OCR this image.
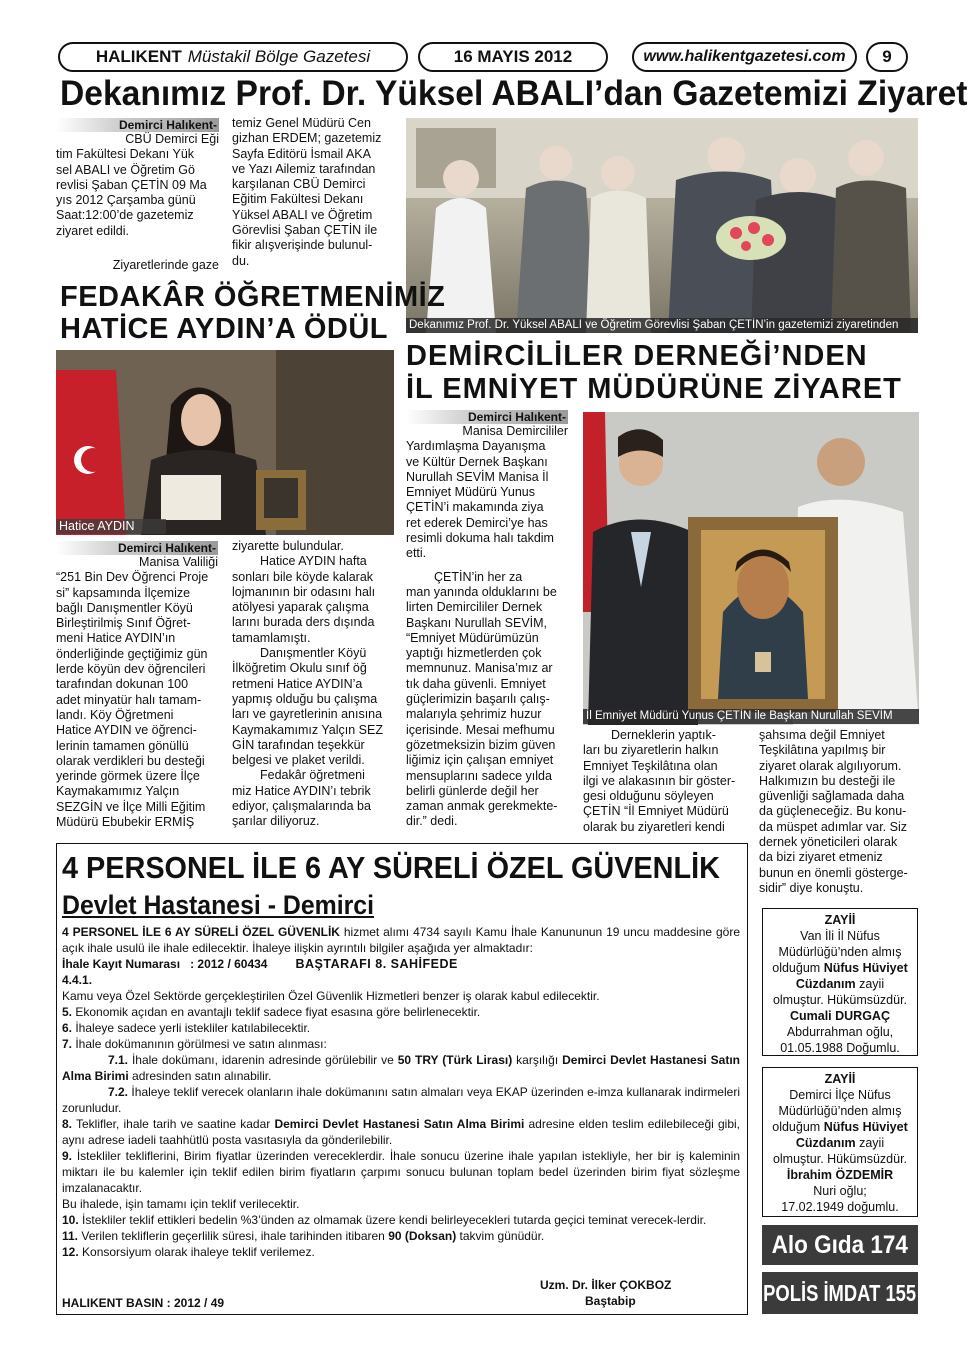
HALIKENT Müstakil Bölge Gazetesi	16 MAYIS 2012	www.halikentgazetesi.com 9
Dekanımız Prof. Dr. Yüksel ABALI’dan Gazetemizi Ziyaret
Demirci Halıkent-

CBÜ Demirci Eği

tim Fakültesi Dekanı Yük

sel ABALI ve Öğretim Gö

revlisi Şaban ÇETİN 09 Ma

yıs 2012 Çarşamba günü

Saat:12:00’de gazetemiz

ziyaret edildi.

Ziyaretlerinde gaze

temiz Genel Müdürü Cen

gizhan ERDEM; gazetemiz

Sayfa Editörü İsmail AKA

ve Yazı Ailemiz tarafından

karşılanan CBÜ Demirci

Eğitim Fakültesi Dekanı

Yüksel ABALI ve Öğretim

Görevlisi Şaban ÇETİN ile

fikir alışverişinde bulunul-

du.

Dekanımız Prof. Dr. Yüksel ABALI ve Öğretim Görevlisi Şaban ÇETİN’in gazetemizi ziyaretinden
FEDAKÂR ÖĞRETMENİMİZ
HATİCE AYDIN’A ÖDÜL
Hatice AYDIN
Demirci Halıkent-

Manisa Valiliği

“251 Bin Dev Öğrenci Proje

si” kapsamında İlçemize

bağlı Danışmentler Köyü

Birleştirilmiş Sınıf Öğret-

meni Hatice AYDIN’ın

önderliğinde geçtiğimiz gün

lerde köyün dev öğrencileri

tarafından dokunan 100

adet minyatür halı tamam-

landı. Köy Öğretmeni

Hatice AYDIN ve öğrenci-

lerinin tamamen gönüllü

olarak verdikleri bu desteği

yerinde görmek üzere İlçe

Kaymakamımız Yalçın

SEZGİN ve İlçe Milli Eğitim

Müdürü Ebubekir ERMİŞ

ziyarette bulundular.

Hatice AYDIN hafta

sonları bile köyde kalarak

lojmanının bir odasını halı

atölyesi yaparak çalışma

larını burada ders dışında

tamamlamıştı.

Danışmentler Köyü

İlköğretim Okulu sınıf öğ

retmeni Hatice AYDIN’a

yapmış olduğu bu çalışma

ları ve gayretlerinin anısına

Kaymakamımız Yalçın SEZ

GİN tarafından teşekkür

belgesi ve plaket verildi.

Fedakâr öğretmeni

miz Hatice AYDIN’ı tebrik

ediyor, çalışmalarında ba

şarılar diliyoruz.

DEMİRCİLİLER DERNEĞİ’NDEN
İL EMNİYET MÜDÜRÜNE ZİYARET
Demirci Halıkent-

Manisa Demircililer

Yardımlaşma Dayanışma

ve Kültür Dernek Başkanı

Nurullah SEVİM Manisa İl

Emniyet Müdürü Yunus

ÇETİN’i makamında ziya

ret ederek Demirci’ye has

resimli dokuma halı takdim

etti.

ÇETİN’in her za

man yanında olduklarını be

lirten Demircililer Dernek

Başkanı Nurullah SEVİM,

“Emniyet Müdürümüzün

yaptığı hizmetlerden çok

memnunuz. Manisa’mız ar

tık daha güvenli. Emniyet

güçlerimizin başarılı çalış-

malarıyla şehrimiz huzur

içerisinde. Mesai mefhumu

gözetmeksizin bizim güven

liğimiz için çalışan emniyet

mensuplarını sadece yılda

belirli günlerde değil her

zaman anmak gerekmekte-

dir.” dedi.

İl Emniyet Müdürü Yunus ÇETİN ile Başkan Nurullah SEVİM

Derneklerin yaptık-

ları bu ziyaretlerin halkın

Emniyet Teşkilâtına olan

ilgi ve alakasının bir göster-

gesi olduğunu söyleyen

ÇETİN “İl Emniyet Müdürü

olarak bu ziyaretleri kendi

şahsıma değil Emniyet

Teşkilâtına yapılmış bir

ziyaret olarak algılıyorum.

Halkımızın bu desteği ile

güvenliği sağlamada daha

da güçleneceğiz. Bu konu-

da müspet adımlar var. Siz

dernek yöneticileri olarak

da bizi ziyaret etmeniz

bunun en önemli gösterge-

sidir” diye konuştu.

4 PERSONEL İLE 6 AY SÜRELİ ÖZEL GÜVENLİK
Devlet Hastanesi - Demirci

4 PERSONEL İLE 6 AY SÜRELİ ÖZEL GÜVENLİK hizmet alımı 4734 sayılı Kamu İhale Kanununun 19 uncu maddesine göre açık ihale usulü ile ihale edilecektir. İhaleye ilişkin ayrıntılı bilgiler aşağıda yer almaktadır:

İhale Kayıt Numarası : 2012 / 60434 BAŞTARAFI 8. SAHİFEDE

4.4.1.

Kamu veya Özel Sektörde gerçekleştirilen Özel Güvenlik Hizmetleri benzer iş olarak kabul edilecektir.

5. Ekonomik açıdan en avantajlı teklif sadece fiyat esasına göre belirlenecektir.

6. İhaleye sadece yerli istekliler katılabilecektir.

7. İhale dokümanının görülmesi ve satın alınması:

7.1. İhale dokümanı, idarenin adresinde görülebilir ve 50 TRY (Türk Lirası) karşılığı Demirci Devlet Hastanesi Satın Alma Birimi adresinden satın alınabilir.

7.2. İhaleye teklif verecek olanların ihale dokümanını satın almaları veya EKAP üzerinden e-imza kullanarak indirmeleri zorunludur.

8. Teklifler, ihale tarih ve saatine kadar Demirci Devlet Hastanesi Satın Alma Birimi adresine elden teslim edilebileceği gibi, aynı adrese iadeli taahhütlü posta vasıtasıyla da gönderilebilir.

9. İstekliler tekliflerini, Birim fiyatlar üzerinden vereceklerdir. İhale sonucu üzerine ihale yapılan istekliyle, her bir iş kaleminin miktarı ile bu kalemler için teklif edilen birim fiyatların çarpımı sonucu bulunan toplam bedel üzerinden birim fiyat sözleşme imzalanacaktır.

Bu ihalede, işin tamamı için teklif verilecektir.

10. İstekliler teklif ettikleri bedelin %3’ünden az olmamak üzere kendi belirleyecekleri tutarda geçici teminat verecek-lerdir.

11. Verilen tekliflerin geçerlilik süresi, ihale tarihinden itibaren 90 (Doksan) takvim günüdür.

12. Konsorsiyum olarak ihaleye teklif verilemez.

Uzm. Dr. İlker ÇOKBOZ
Baştabip
HALIKENT BASIN : 2012 / 49
ZAYİİ
Van İli İl Nüfus
Müdürlüğü’nden almış
olduğum Nüfus Hüviyet
Cüzdanım zayii
olmuştur. Hükümsüzdür.
Cumali DURGAÇ
Abdurrahman oğlu,
01.05.1988 Doğumlu.
ZAYİİ
Demirci İlçe Nüfus
Müdürlüğü’nden almış
olduğum Nüfus Hüviyet
Cüzdanım zayii
olmuştur. Hükümsüzdür.
İbrahim ÖZDEMİR
Nuri oğlu;
17.02.1949 doğumlu.
Alo Gıda 174
POLİS İMDAT 155
